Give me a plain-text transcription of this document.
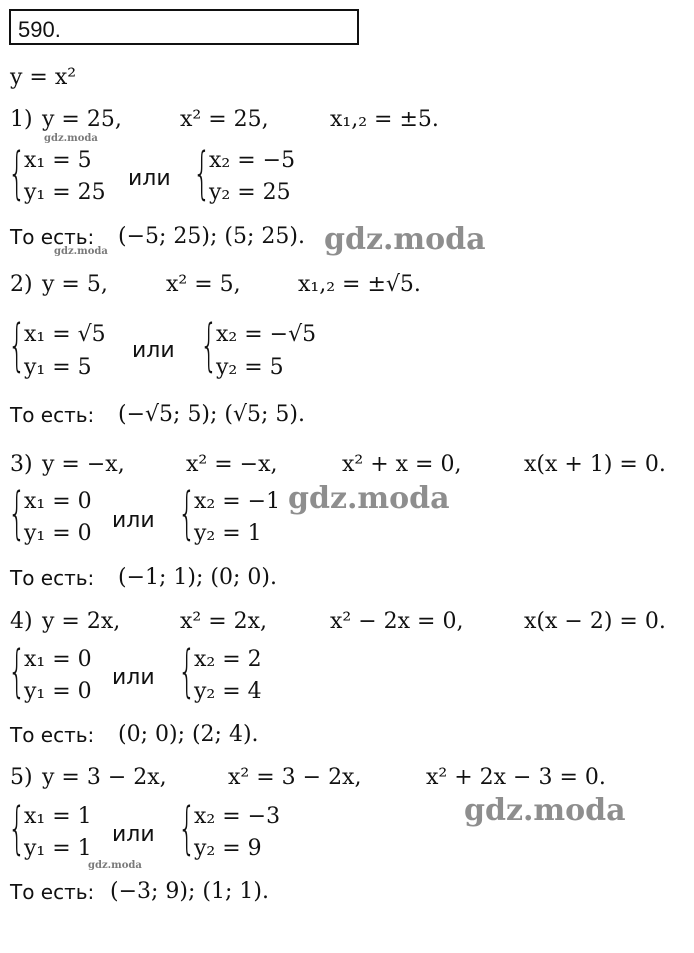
590.
y = x²
1) y = 25,	x² = 25,	x₁,₂ = ±5.
gdz.moda
{
x₁ = 5
y₁ = 25
или {
x₂ = −5
y₂ = 25
То есть: (−5; 25); (5; 25).
gdz.moda	gdz.moda
2) y = 5,	x² = 5,	x₁,₂ = ±√5.
{
x₁ = √5
y₁ = 5
или {
x₂ = −√5
y₂ = 5
То есть: (−√5; 5); (√5; 5).
3) y = −x,	x² = −x,	x² + x = 0,	x(x + 1) = 0.
{
x₁ = 0
y₁ = 0
или {
x₂ = −1
y₂ = 1
gdz.moda
То есть: (−1; 1); (0; 0).
4) y = 2x,	x² = 2x,	x² − 2x = 0,	x(x − 2) = 0.
{
x₁ = 0
y₁ = 0
или {
x₂ = 2
y₂ = 4
То есть: (0; 0); (2; 4).
5) y = 3 − 2x,	x² = 3 − 2x,	x² + 2x − 3 = 0.
gdz.moda
{
x₁ = 1
y₁ = 1
или {
x₂ = −3
y₂ = 9
gdz.moda
То есть: (−3; 9); (1; 1).
